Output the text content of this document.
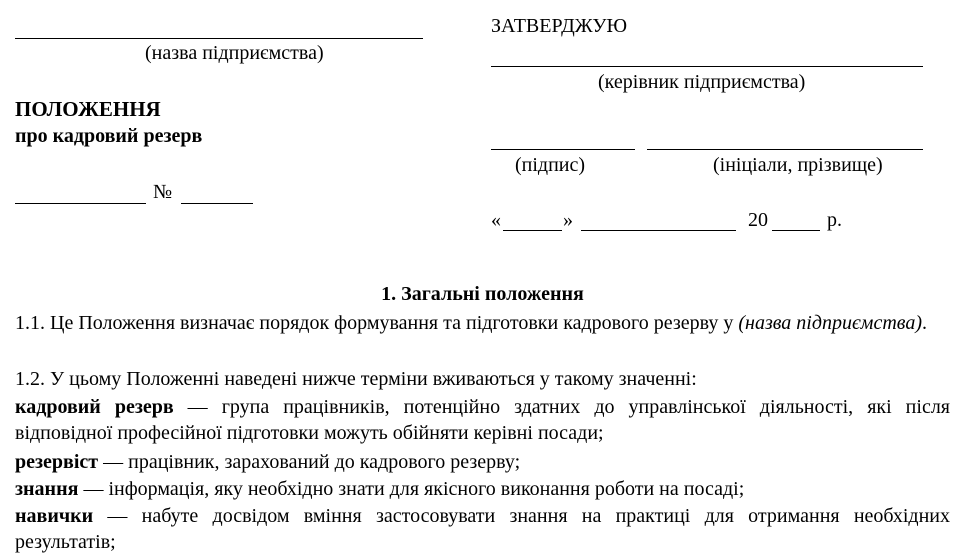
(назва підприємства)
ПОЛОЖЕННЯ
про кадровий резерв
№
ЗАТВЕРДЖУЮ
(керівник підприємства)
(підпис)	(ініціали, прізвище)
«	»	20	р.
1. Загальні положення
1.1. Це Положення визначає порядок формування та підготовки кадрового резерву у (назва підприємства).
1.2. У цьому Положенні наведені нижче терміни вживаються у такому значенні:
кадровий резерв — група працівників, потенційно здатних до управлінської діяльності, які після відповідної професійної підготовки можуть обійняти керівні посади;
резервіст — працівник, зарахований до кадрового резерву;
знання — інформація, яку необхідно знати для якісного виконання роботи на посаді;
навички — набуте досвідом вміння застосовувати знання на практиці для отримання необхідних результатів;
